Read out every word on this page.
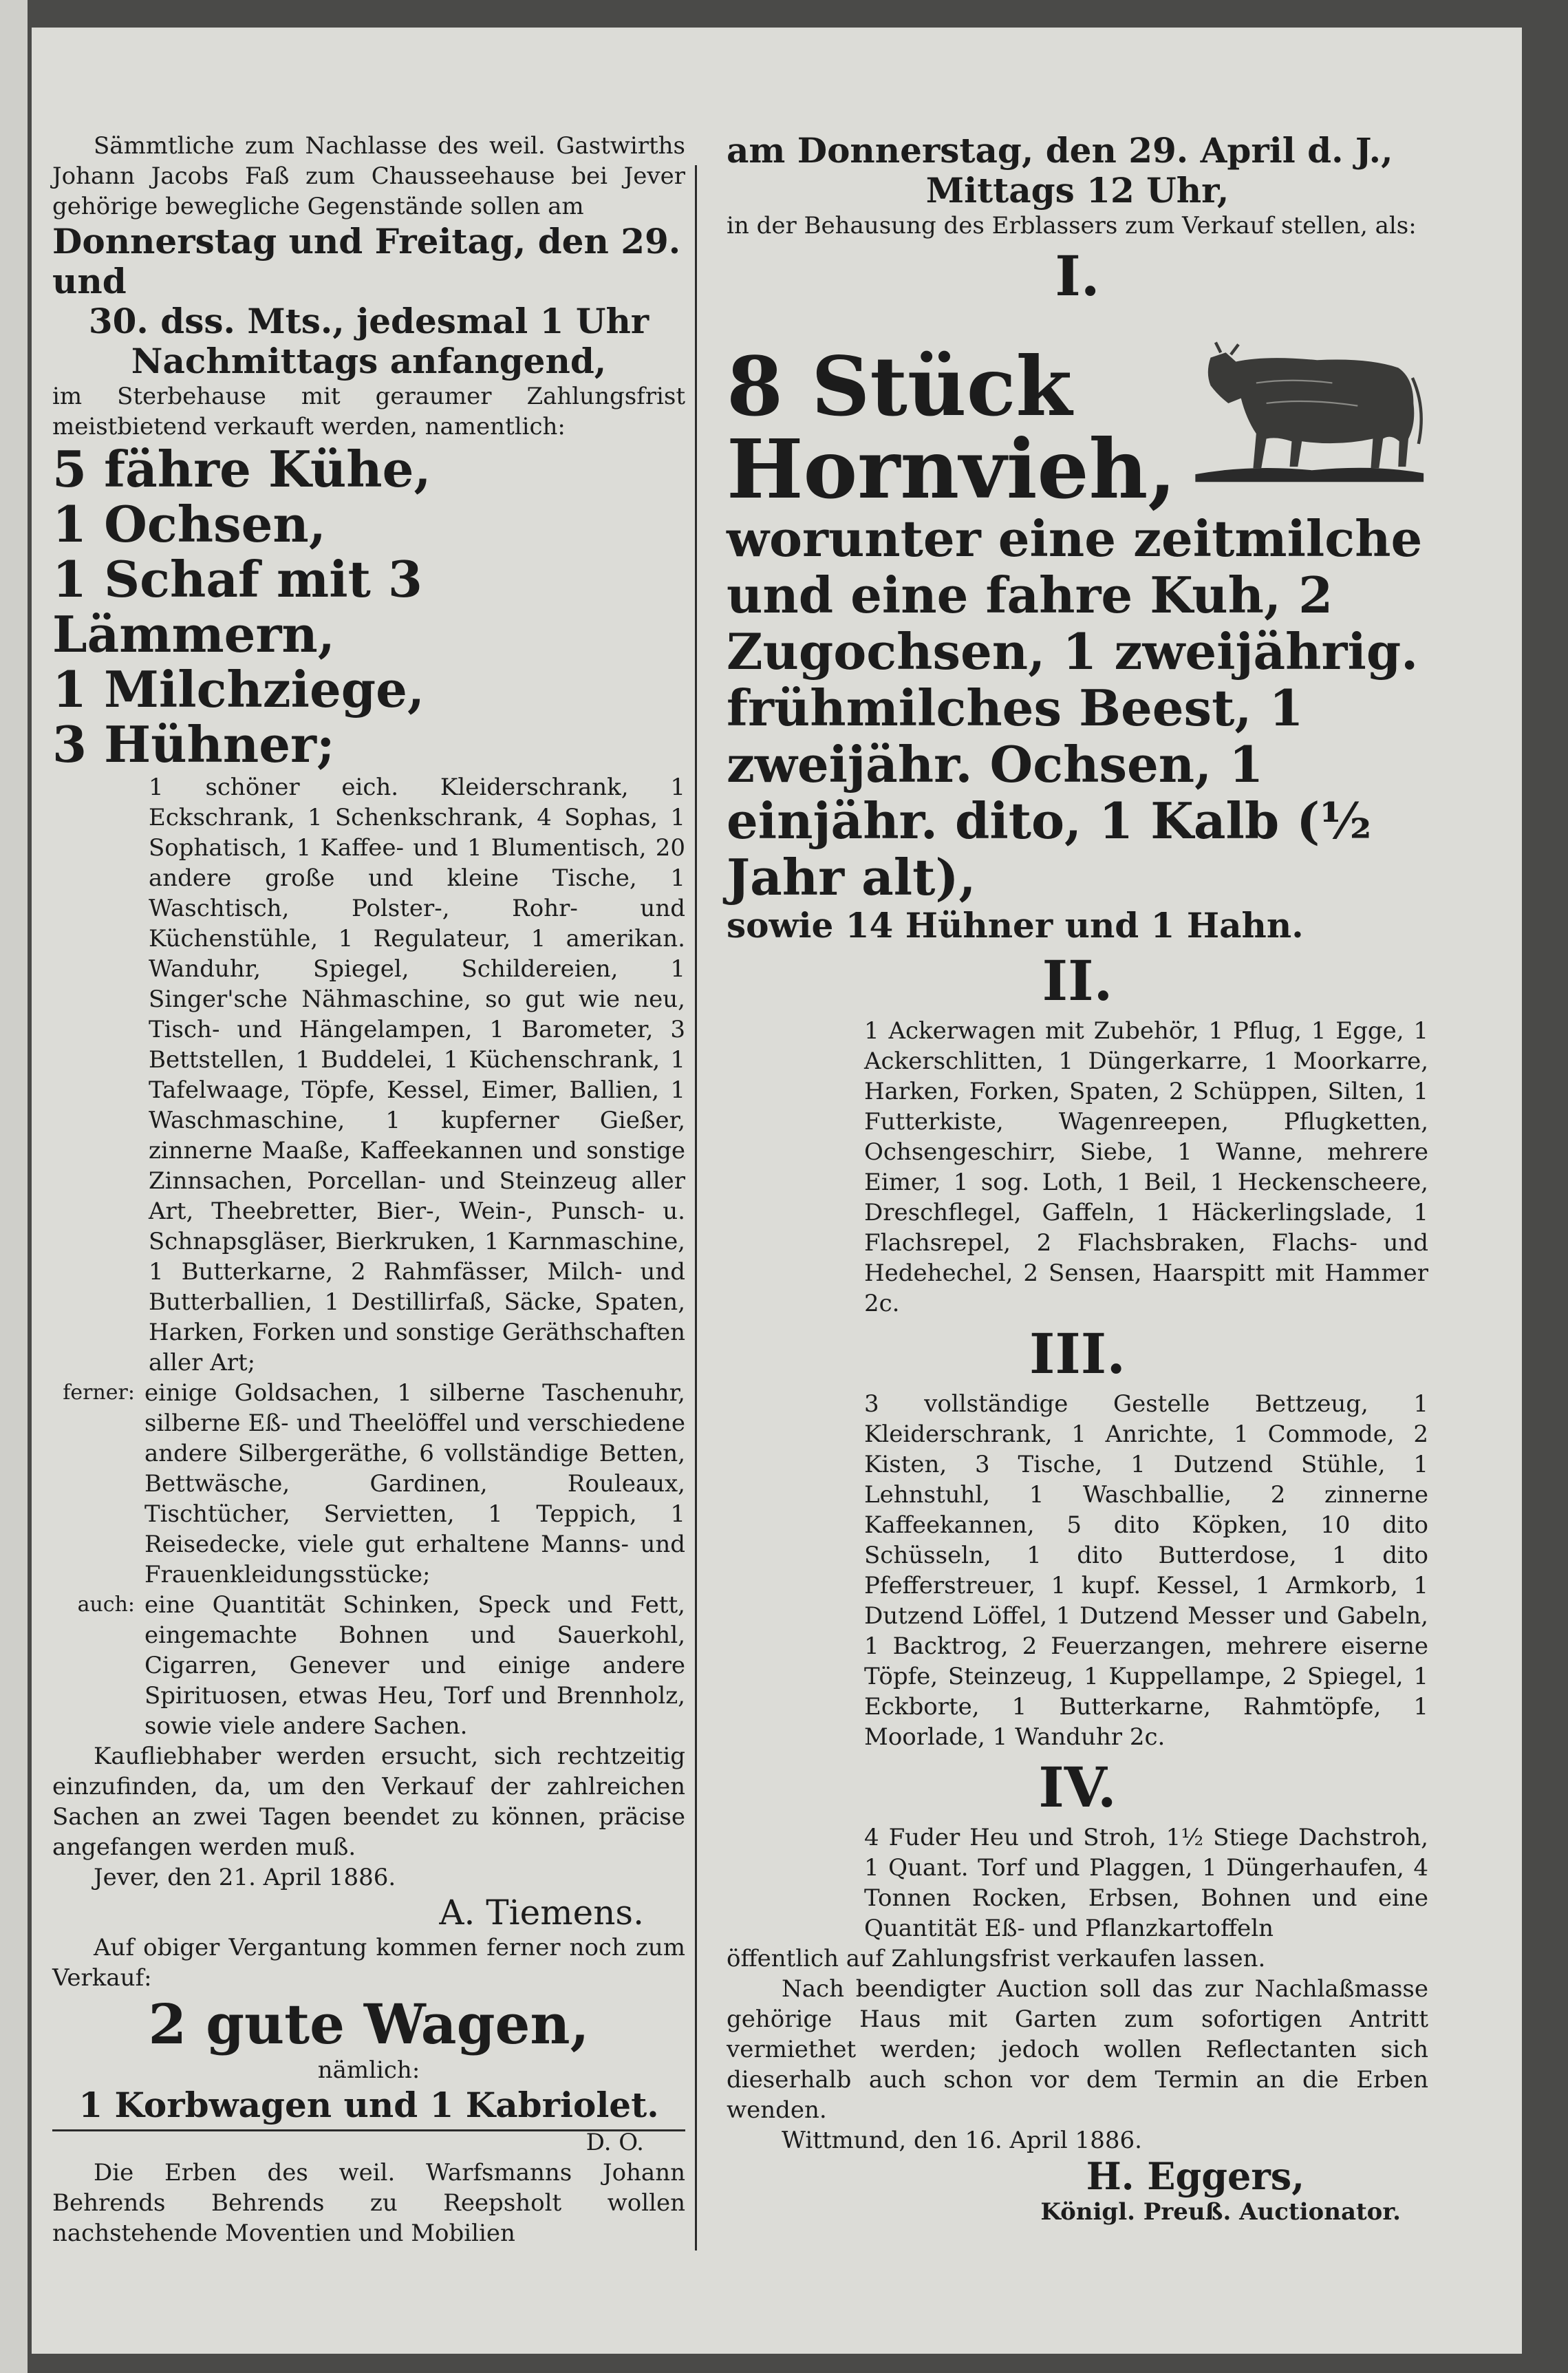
Sämmtliche zum Nachlasse des weil. Gastwirths Johann Jacobs Faß zum Chausseehause bei Jever gehörige bewegliche Gegenstände sollen am

Donnerstag und Freitag, den 29. und

30. dss. Mts., jedesmal 1 Uhr

Nachmittags anfangend,

im Sterbehause mit geraumer Zahlungsfrist meistbietend verkauft werden, namentlich:

5 fähre Kühe,

1 Ochsen,

1 Schaf mit 3 Lämmern,

1 Milchziege,

3 Hühner;

1 schöner eich. Kleiderschrank, 1 Eckschrank, 1 Schenkschrank, 4 Sophas, 1 Sophatisch, 1 Kaffee- und 1 Blumentisch, 20 andere große und kleine Tische, 1 Waschtisch, Polster-, Rohr- und Küchenstühle, 1 Regulateur, 1 amerikan. Wanduhr, Spiegel, Schildereien, 1 Singer'sche Nähmaschine, so gut wie neu, Tisch- und Hängelampen, 1 Barometer, 3 Bettstellen, 1 Buddelei, 1 Küchenschrank, 1 Tafelwaage, Töpfe, Kessel, Eimer, Ballien, 1 Waschmaschine, 1 kupferner Gießer, zinnerne Maaße, Kaffeekannen und sonstige Zinnsachen, Porcellan- und Steinzeug aller Art, Theebretter, Bier-, Wein-, Punsch- u. Schnapsgläser, Bierkruken, 1 Karnmaschine, 1 Butterkarne, 2 Rahmfässer, Milch- und Butterballien, 1 Destillirfaß, Säcke, Spaten, Harken, Forken und sonstige Geräthschaften aller Art;

ferner: einige Goldsachen, 1 silberne Taschenuhr, silberne Eß- und Theelöffel und verschiedene andere Silbergeräthe, 6 vollständige Betten, Bettwäsche, Gardinen, Rouleaux, Tischtücher, Servietten, 1 Teppich, 1 Reisedecke, viele gut erhaltene Manns- und Frauenkleidungsstücke;
auch: eine Quantität Schinken, Speck und Fett, eingemachte Bohnen und Sauerkohl, Cigarren, Genever und einige andere Spirituosen, etwas Heu, Torf und Brennholz, sowie viele andere Sachen.

Kaufliebhaber werden ersucht, sich rechtzeitig einzufinden, da, um den Verkauf der zahlreichen Sachen an zwei Tagen beendet zu können, präcise angefangen werden muß.

Jever, den 21. April 1886.

A. Tiemens.

Auf obiger Vergantung kommen ferner noch zum Verkauf:

2 gute Wagen,

nämlich:

1 Korbwagen und 1 Kabriolet.

D. O.

Die Erben des weil. Warfsmanns Johann Behrends Behrends zu Reepsholt wollen nachstehende Moventien und Mobilien

am Donnerstag, den 29. April d. J.,

Mittags 12 Uhr,

in der Behausung des Erblassers zum Verkauf stellen, als:

I.

8 Stück

Hornvieh,

worunter eine zeitmilche und eine fahre Kuh, 2 Zugochsen, 1 zweijährig. frühmilches Beest, 1 zweijähr. Ochsen, 1 einjähr. dito, 1 Kalb (½ Jahr alt),

sowie 14 Hühner und 1 Hahn.

II.

1 Ackerwagen mit Zubehör, 1 Pflug, 1 Egge, 1 Ackerschlitten, 1 Düngerkarre, 1 Moorkarre, Harken, Forken, Spaten, 2 Schüppen, Silten, 1 Futterkiste, Wagenreepen, Pflugketten, Ochsengeschirr, Siebe, 1 Wanne, mehrere Eimer, 1 sog. Loth, 1 Beil, 1 Heckenscheere, Dreschflegel, Gaffeln, 1 Häckerlingslade, 1 Flachsrepel, 2 Flachsbraken, Flachs- und Hedehechel, 2 Sensen, Haarspitt mit Hammer 2c.

III.

3 vollständige Gestelle Bettzeug, 1 Kleiderschrank, 1 Anrichte, 1 Commode, 2 Kisten, 3 Tische, 1 Dutzend Stühle, 1 Lehnstuhl, 1 Waschballie, 2 zinnerne Kaffeekannen, 5 dito Köpken, 10 dito Schüsseln, 1 dito Butterdose, 1 dito Pfefferstreuer, 1 kupf. Kessel, 1 Armkorb, 1 Dutzend Löffel, 1 Dutzend Messer und Gabeln, 1 Backtrog, 2 Feuerzangen, mehrere eiserne Töpfe, Steinzeug, 1 Kuppellampe, 2 Spiegel, 1 Eckborte, 1 Butterkarne, Rahmtöpfe, 1 Moorlade, 1 Wanduhr 2c.

IV.

4 Fuder Heu und Stroh, 1½ Stiege Dachstroh, 1 Quant. Torf und Plaggen, 1 Düngerhaufen, 4 Tonnen Rocken, Erbsen, Bohnen und eine Quantität Eß- und Pflanzkartoffeln

öffentlich auf Zahlungsfrist verkaufen lassen.

Nach beendigter Auction soll das zur Nachlaßmasse gehörige Haus mit Garten zum sofortigen Antritt vermiethet werden; jedoch wollen Reflectanten sich dieserhalb auch schon vor dem Termin an die Erben wenden.

Wittmund, den 16. April 1886.

H. Eggers,

Königl. Preuß. Auctionator.
